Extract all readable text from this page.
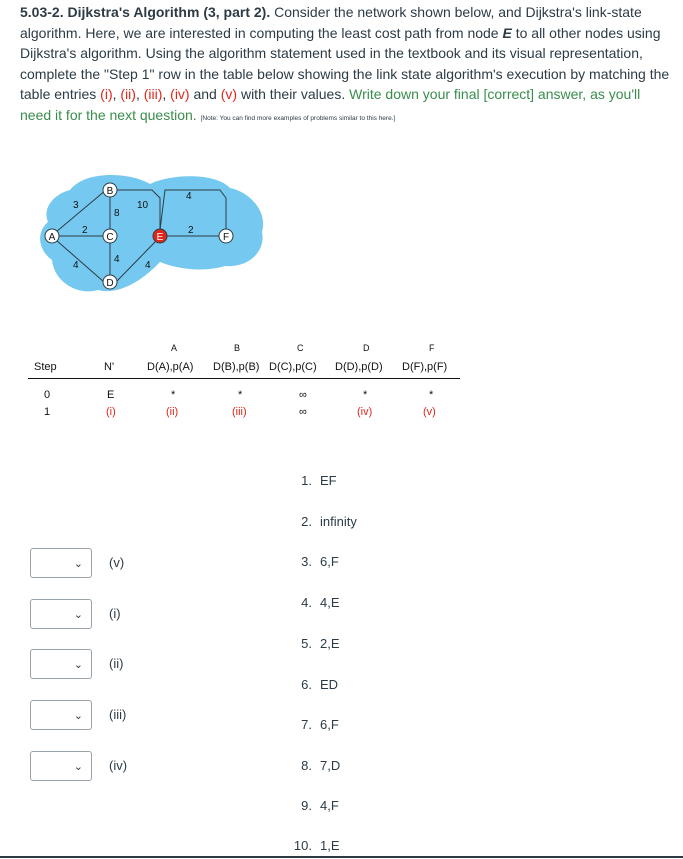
5.03-2. Dijkstra's Algorithm (3, part 2). Consider the network shown below, and Dijkstra's link-state algorithm. Here, we are interested in computing the least cost path from node E to all other nodes using Dijkstra's algorithm. Using the algorithm statement used in the textbook and its visual representation, complete the "Step 1" row in the table below showing the link state algorithm's execution by matching the table entries (i), (ii), (iii), (iv) and (v) with their values. Write down your final [correct] answer, as you'll need it for the next question. [Note: You can find more examples of problems similar to this here.]
3
2
4
8
4
10
4
2
4
A
B
C
D
E	F
A	B	C	D	F
Step	N'	D(A),p(A) D(B),p(B) D(C),p(C) D(D),p(D) D(F),p(F)
0	E	*	*	∞	*	*
1	(i)	(ii)	(iii)	∞	(iv)	(v)
⌄ (v)
⌄ (i)
⌄ (ii)
⌄ (iii)
⌄ (iv)
1. EF
2. infinity
3. 6,F
4. 4,E
5. 2,E
6. ED
7. 6,F
8. 7,D
9. 4,F
10. 1,E
